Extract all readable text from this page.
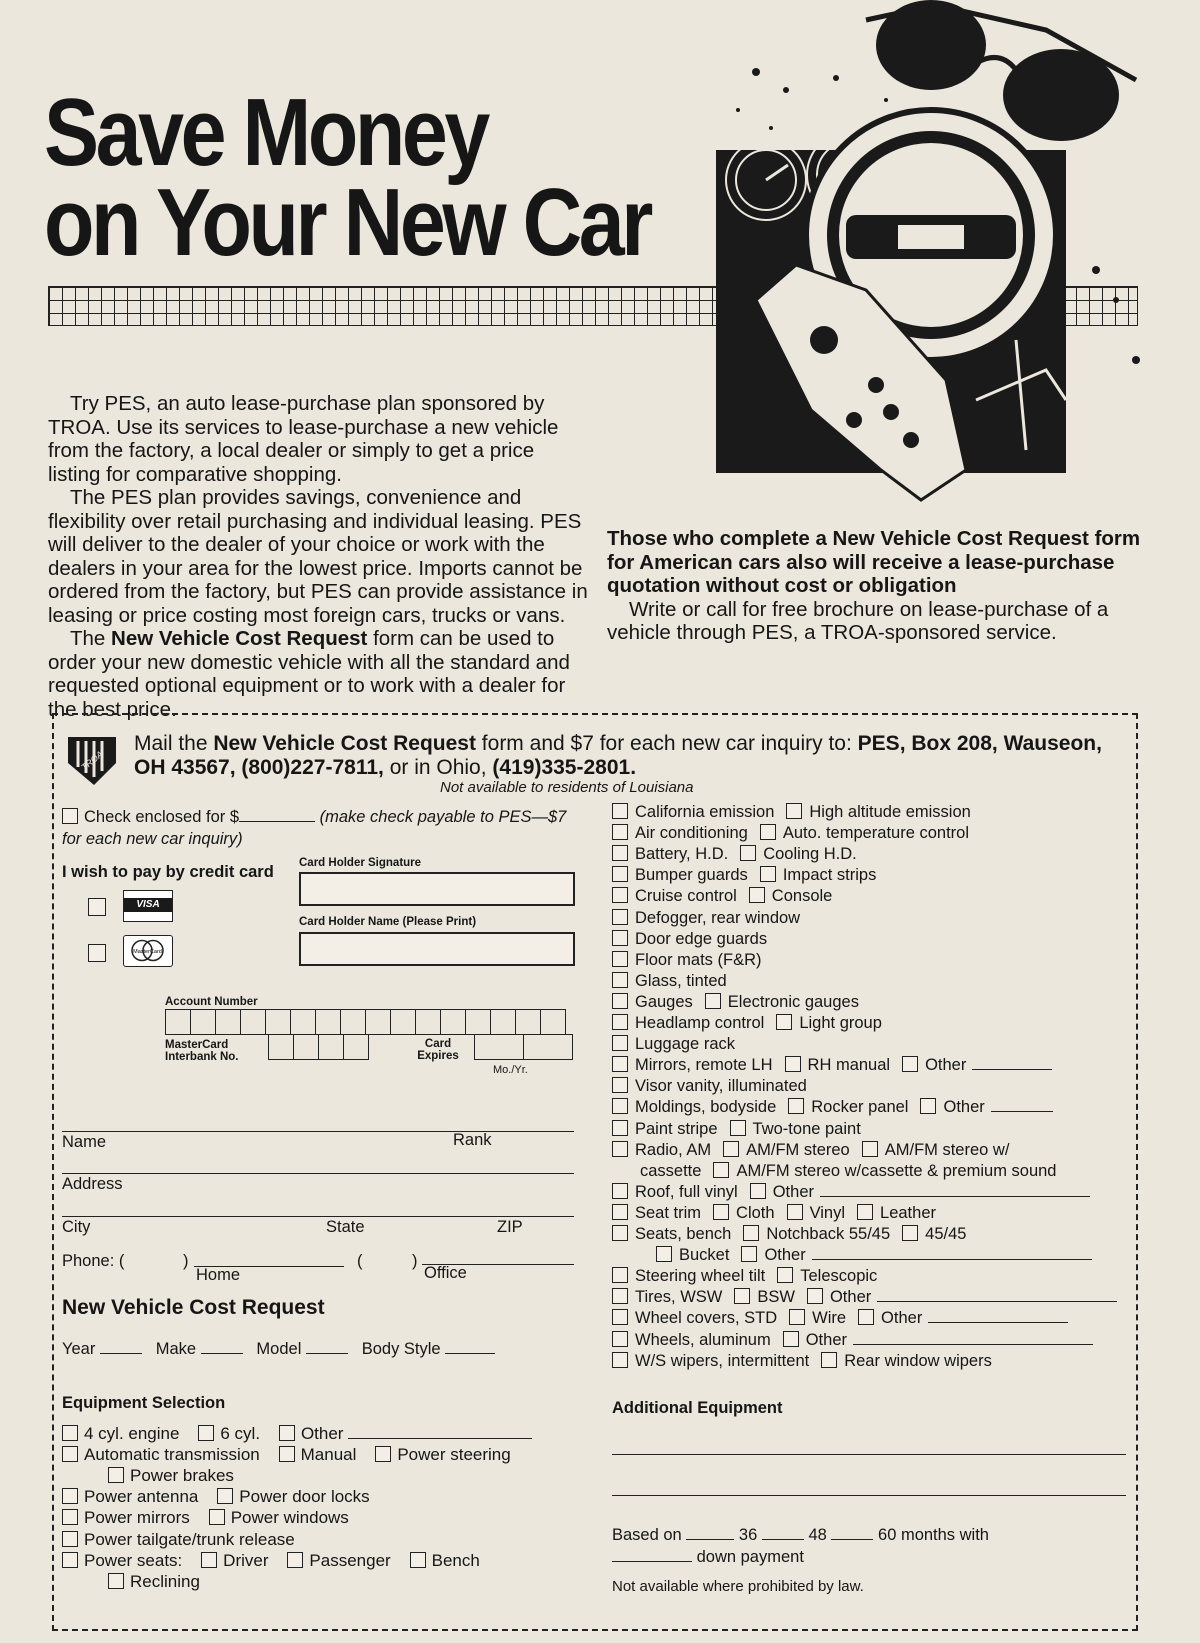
Save Money
on Your New Car

Try PES, an auto lease-purchase plan sponsored by TROA. Use its services to lease-purchase a new vehicle from the factory, a local dealer or simply to get a price listing for comparative shopping.

The PES plan provides savings, convenience and flexibility over retail purchasing and individual leasing. PES will deliver to the dealer of your choice or work with the dealers in your area for the lowest price. Imports cannot be ordered from the factory, but PES can provide assistance in leasing or price costing most foreign cars, trucks or vans.

The New Vehicle Cost Request form can be used to order your new domestic vehicle with all the standard and requested optional equipment or to work with a dealer for the best price.

Those who complete a New Vehicle Cost Request form for American cars also will receive a lease-purchase quotation without cost or obligation

Write or call for free brochure on lease-purchase of a vehicle through PES, a TROA-sponsored service.

TROA
Mail the New Vehicle Cost Request form and $7 for each new car inquiry to: PES, Box 208, Wauseon, OH 43567, (800)227-7811, or in Ohio, (419)335-2801.
Not available to residents of Louisiana
Check enclosed for $	(make check payable to PES—$7 for each new car inquiry)
I wish to pay by credit card Card Holder Signature
Card Holder Name (Please Print)
VISA
MasterCard
Account Number

MasterCard Interbank No.

Card Expires

Mo./Yr.
Name	Rank
Address
City	State	ZIP
Phone: (	)
Home
(	)
Office
New Vehicle Cost Request
Year	Make	Model	Body Style
Equipment Selection
4 cyl. engine 6 cyl. Other
Automatic transmission Manual Power steering
Power brakes
Power antenna Power door locks
Power mirrors Power windows
Power tailgate/trunk release
Power seats: Driver Passenger Bench
Reclining
California emission High altitude emission
Air conditioning Auto. temperature control
Battery, H.D. Cooling H.D.
Bumper guards Impact strips
Cruise control Console
Defogger, rear window
Door edge guards
Floor mats (F&R)
Glass, tinted
Gauges Electronic gauges
Headlamp control Light group
Luggage rack
Mirrors, remote LH RH manual Other
Visor vanity, illuminated
Moldings, bodyside Rocker panel Other
Paint stripe Two-tone paint
Radio, AM AM/FM stereo AM/FM stereo w/
cassette AM/FM stereo w/cassette & premium sound
Roof, full vinyl Other
Seat trim Cloth Vinyl Leather
Seats, bench Notchback 55/45 45/45
Bucket Other
Steering wheel tilt Telescopic
Tires, WSW BSW Other
Wheel covers, STD Wire Other
Wheels, aluminum Other
W/S wipers, intermittent Rear window wipers
Additional Equipment
Based on	36	48	60 months with
down payment
Not available where prohibited by law.
